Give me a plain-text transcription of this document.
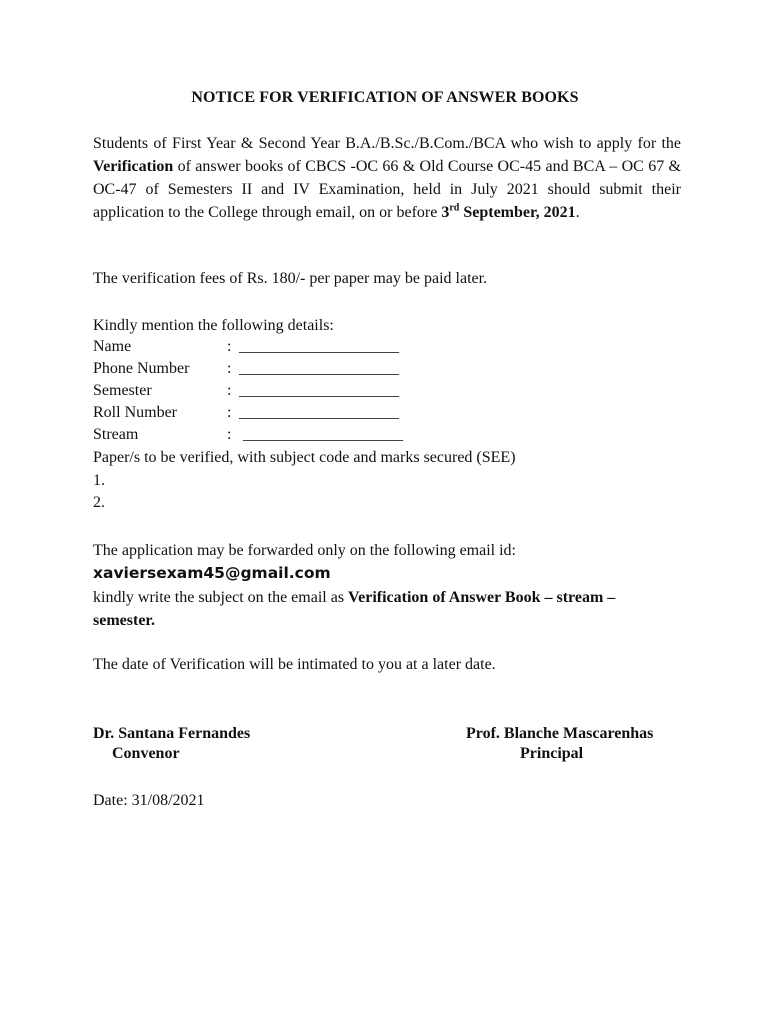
NOTICE FOR VERIFICATION OF ANSWER BOOKS
Students of First Year & Second Year B.A./B.Sc./B.Com./BCA who wish to apply for the Verification of answer books of CBCS -OC 66 & Old Course OC-45 and BCA – OC 67 & OC-47 of Semesters II and IV Examination, held in July 2021 should submit their application to the College through email, on or before 3rd September, 2021.
The verification fees of Rs. 180/- per paper may be paid later.
Kindly mention the following details:
Name	: ____________________
Phone Number : ____________________
Semester	: ____________________
Roll Number	: ____________________
Stream	: ____________________
Paper/s to be verified, with subject code and marks secured (SEE)
1.
2.
The application may be forwarded only on the following email id:
xaviersexam45@gmail.com
kindly write the subject on the email as Verification of Answer Book – stream – semester.
The date of Verification will be intimated to you at a later date.
Dr. Santana Fernandes
Convenor
Prof. Blanche Mascarenhas
Principal
Date: 31/08/2021
